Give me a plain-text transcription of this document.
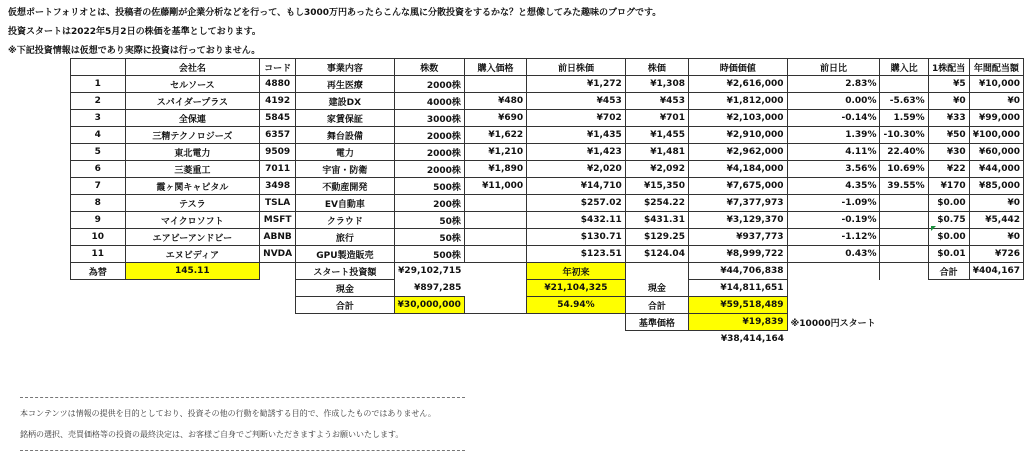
仮想ポートフォリオとは、投稿者の佐藤剛が企業分析などを行って、もし3000万円あったらこんな風に分散投資をするかな？と想像してみた趣味のブログです。
投資スタートは2022年5月2日の株価を基準としております。
※下記投資情報は仮想であり実際に投資は行っておりません。
	会社名	コード	事業内容	株数	購入価格	前日株価	株価	時価価値	前日比	購入比	1株配当	年間配当額
1	セルソース	4880	再生医療	2000株		¥1,272	¥1,308	¥2,616,000	2.83%		¥5	¥10,000
2	スパイダープラス	4192	建設DX	4000株	¥480	¥453	¥453	¥1,812,000	0.00%	-5.63%	¥0	¥0
3	全保連	5845	家賃保証	3000株	¥690	¥702	¥701	¥2,103,000	-0.14%	1.59%	¥33	¥99,000
4	三精テクノロジーズ	6357	舞台設備	2000株	¥1,622	¥1,435	¥1,455	¥2,910,000	1.39%	-10.30%	¥50	¥100,000
5	東北電力	9509	電力	2000株	¥1,210	¥1,423	¥1,481	¥2,962,000	4.11%	22.40%	¥30	¥60,000
6	三菱重工	7011	宇宙・防衛	2000株	¥1,890	¥2,020	¥2,092	¥4,184,000	3.56%	10.69%	¥22	¥44,000
7	霞ヶ関キャピタル	3498	不動産開発	500株	¥11,000	¥14,710	¥15,350	¥7,675,000	4.35%	39.55%	¥170	¥85,000
8	テスラ	TSLA	EV自動車	200株		$257.02	$254.22	¥7,377,973	-1.09%		$0.00	¥0
9	マイクロソフト	MSFT	クラウド	50株		$432.11	$431.31	¥3,129,370	-0.19%		$0.75	¥5,442
10	エアビーアンドビー	ABNB	旅行	50株		$130.71	$129.25	¥937,773	-1.12%		$0.00	¥0
11	エヌビディア	NVDA	GPU製造販売	500株		$123.51	$124.04	¥8,999,722	0.43%		$0.01	¥726
為替	145.11		スタート投資額	¥29,102,715		年初来		¥44,706,838			合計	¥404,167
			現金	¥897,285		¥21,104,325	現金	¥14,811,651				
			合計	¥30,000,000		54.94%	合計	¥59,518,489				
							基準価格	¥19,839	※10000円スタート			
								¥38,414,164				
本コンテンツは情報の提供を目的としており、投資その他の行動を勧誘する目的で、作成したものではありません。
銘柄の選択、売買価格等の投資の最終決定は、お客様ご自身でご判断いただきますようお願いいたします。
